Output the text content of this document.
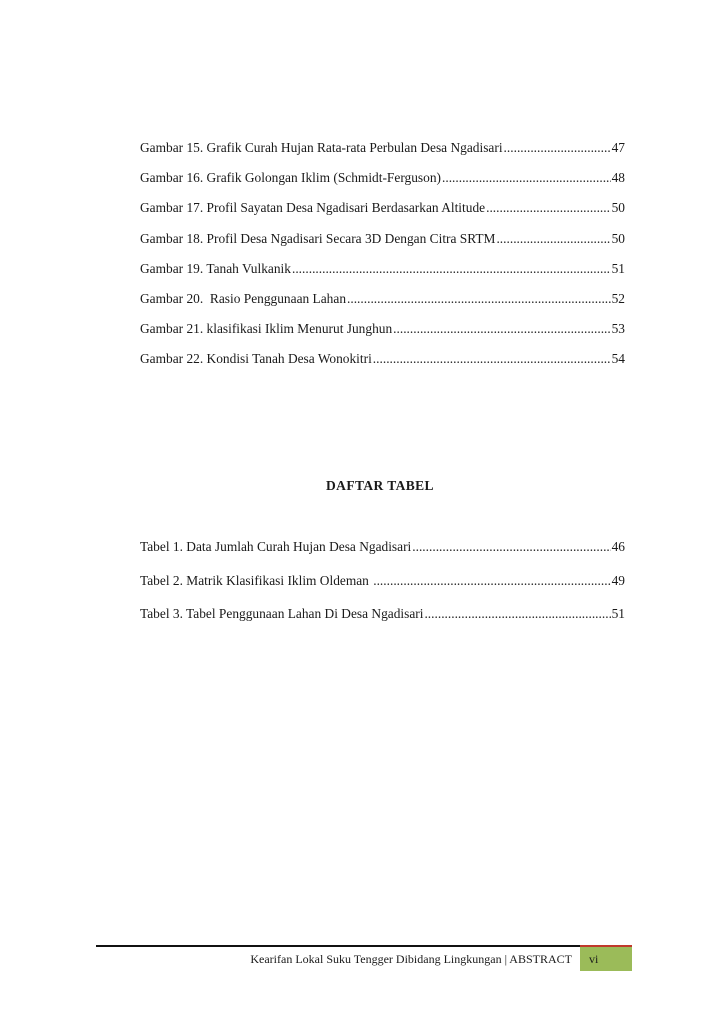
Gambar 15. Grafik Curah Hujan Rata-rata Perbulan Desa Ngadisari .....	47
Gambar 16. Grafik Golongan Iklim (Schmidt-Ferguson) .....	48
Gambar 17. Profil Sayatan Desa Ngadisari Berdasarkan Altitude .....	50
Gambar 18. Profil Desa Ngadisari Secara 3D Dengan Citra SRTM .....	50
Gambar 19. Tanah Vulkanik .....	51
Gambar 20.  Rasio Penggunaan Lahan .....	52
Gambar 21. klasifikasi Iklim Menurut Junghun .....	53
Gambar 22. Kondisi Tanah Desa Wonokitri .....	54
DAFTAR TABEL
Tabel 1. Data Jumlah Curah Hujan Desa Ngadisari .....	46
Tabel 2. Matrik Klasifikasi Iklim Oldeman .....	49
Tabel 3. Tabel Penggunaan Lahan Di Desa Ngadisari .....	51
Kearifan Lokal Suku Tengger Dibidang Lingkungan | ABSTRACT	vi
